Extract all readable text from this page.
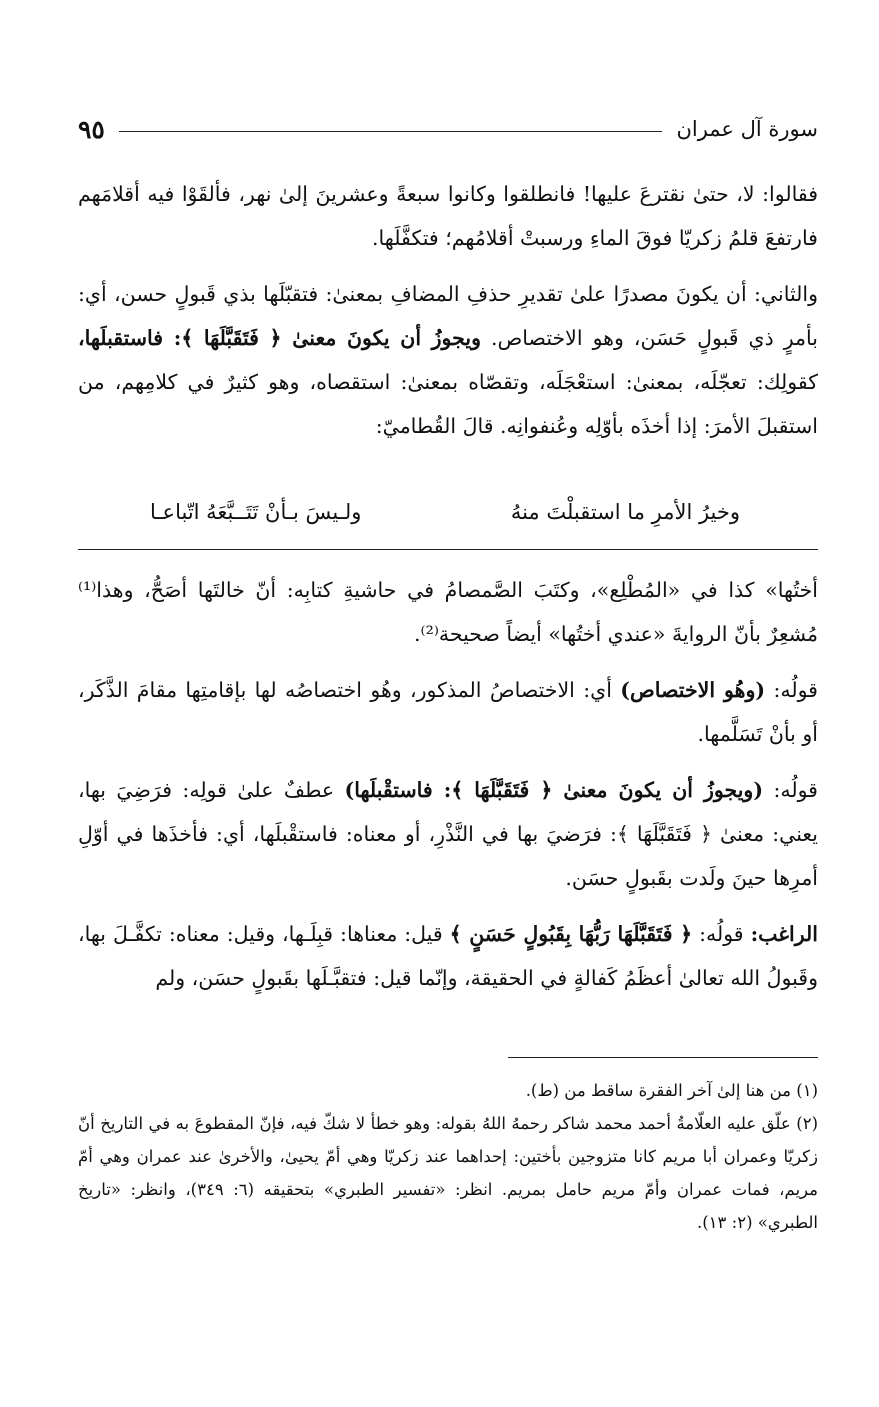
سورة آل عمران
٩٥

فقالوا: لا، حتىٰ نقترعَ عليها! فانطلقوا وكانوا سبعةً وعشرينَ إلىٰ نهر، فألقَوْا فيه أقلامَهم فارتفعَ قلمُ زكريّا فوقَ الماءِ ورسبتْ أقلامُهم؛ فتكفَّلَها.

والثاني: أن يكونَ مصدرًا علىٰ تقديرِ حذفِ المضافِ بمعنىٰ: فتقبّلَها بذي قَبولٍ حسن، أي: بأمرٍ ذي قَبولٍ حَسَن، وهو الاختصاص. ويجوزُ أن يكونَ معنىٰ ﴿ فَتَقَبَّلَهَا ﴾: فاستقبلَها، كقولِك: تعجّلَه، بمعنىٰ: استعْجَلَه، وتقصّاه بمعنىٰ: استقصاه، وهو كثيرٌ في كلامِهم، من استقبلَ الأمرَ: إذا أخذَه بأوّلِه وعُنفوانِه. قالَ القُطاميّ:

وخيرُ الأمرِ ما استقبلْتَ منهُ
ولـيسَ بـأنْ تَتَــبَّعَهُ اتّباعـا

أختُها» كذا في «المُطْلِع»، وكتَبَ الصَّمصامُ في حاشيةِ كتابِه: أنّ خالتَها أصَحُّ، وهذا⁽¹⁾ مُشعِرٌ بأنّ الروايةَ «عندي أختُها» أيضاً صحيحة⁽²⁾.

قولُه: (وهُو الاختصاص) أي: الاختصاصُ المذكور، وهُو اختصاصُه لها بإقامتِها مقامَ الذَّكَر، أو بأنْ تَسَلَّمها.

قولُه: (ويجوزُ أن يكونَ معنىٰ ﴿ فَتَقَبَّلَهَا ﴾: فاستقْبلَها) عطفٌ علىٰ قولِه: فرَضِيَ بها، يعني: معنىٰ ﴿ فَتَقَبَّلَهَا ﴾: فرَضيَ بها في النَّذْرِ، أو معناه: فاستقْبلَها، أي: فأخذَها في أوّلِ أمرِها حينَ ولَدت بقَبولٍ حسَن.

الراغب: قولُه: ﴿ فَتَقَبَّلَهَا رَبُّهَا بِقَبُولٍ حَسَنٍ ﴾ قيل: معناها: قبِلَـها، وقيل: معناه: تكفَّـلَ بها، وقَبولُ الله تعالىٰ أعظَمُ كَفالةٍ في الحقيقة، وإنّما قيل: فتقبَّـلَها بقَبولٍ حسَن، ولم

(١) من هنا إلىٰ آخر الفقرة ساقط من (ط).

(٢) علّق عليه العلّامةُ أحمد محمد شاكر رحمهُ اللهُ بقوله: وهو خطأ لا شكّ فيه، فإنّ المقطوعَ به في التاريخ أنّ زكريّا وعمران أبا مريم كانا متزوجين بأختين: إحداهما عند زكريّا وهي أمّ يحيىٰ، والأخرىٰ عند عمران وهي أمّ مريم، فمات عمران وأمّ مريم حامل بمريم. انظر: «تفسير الطبري» بتحقيقه (٦: ٣٤٩)، وانظر: «تاريخ الطبري» (٢: ١٣).
